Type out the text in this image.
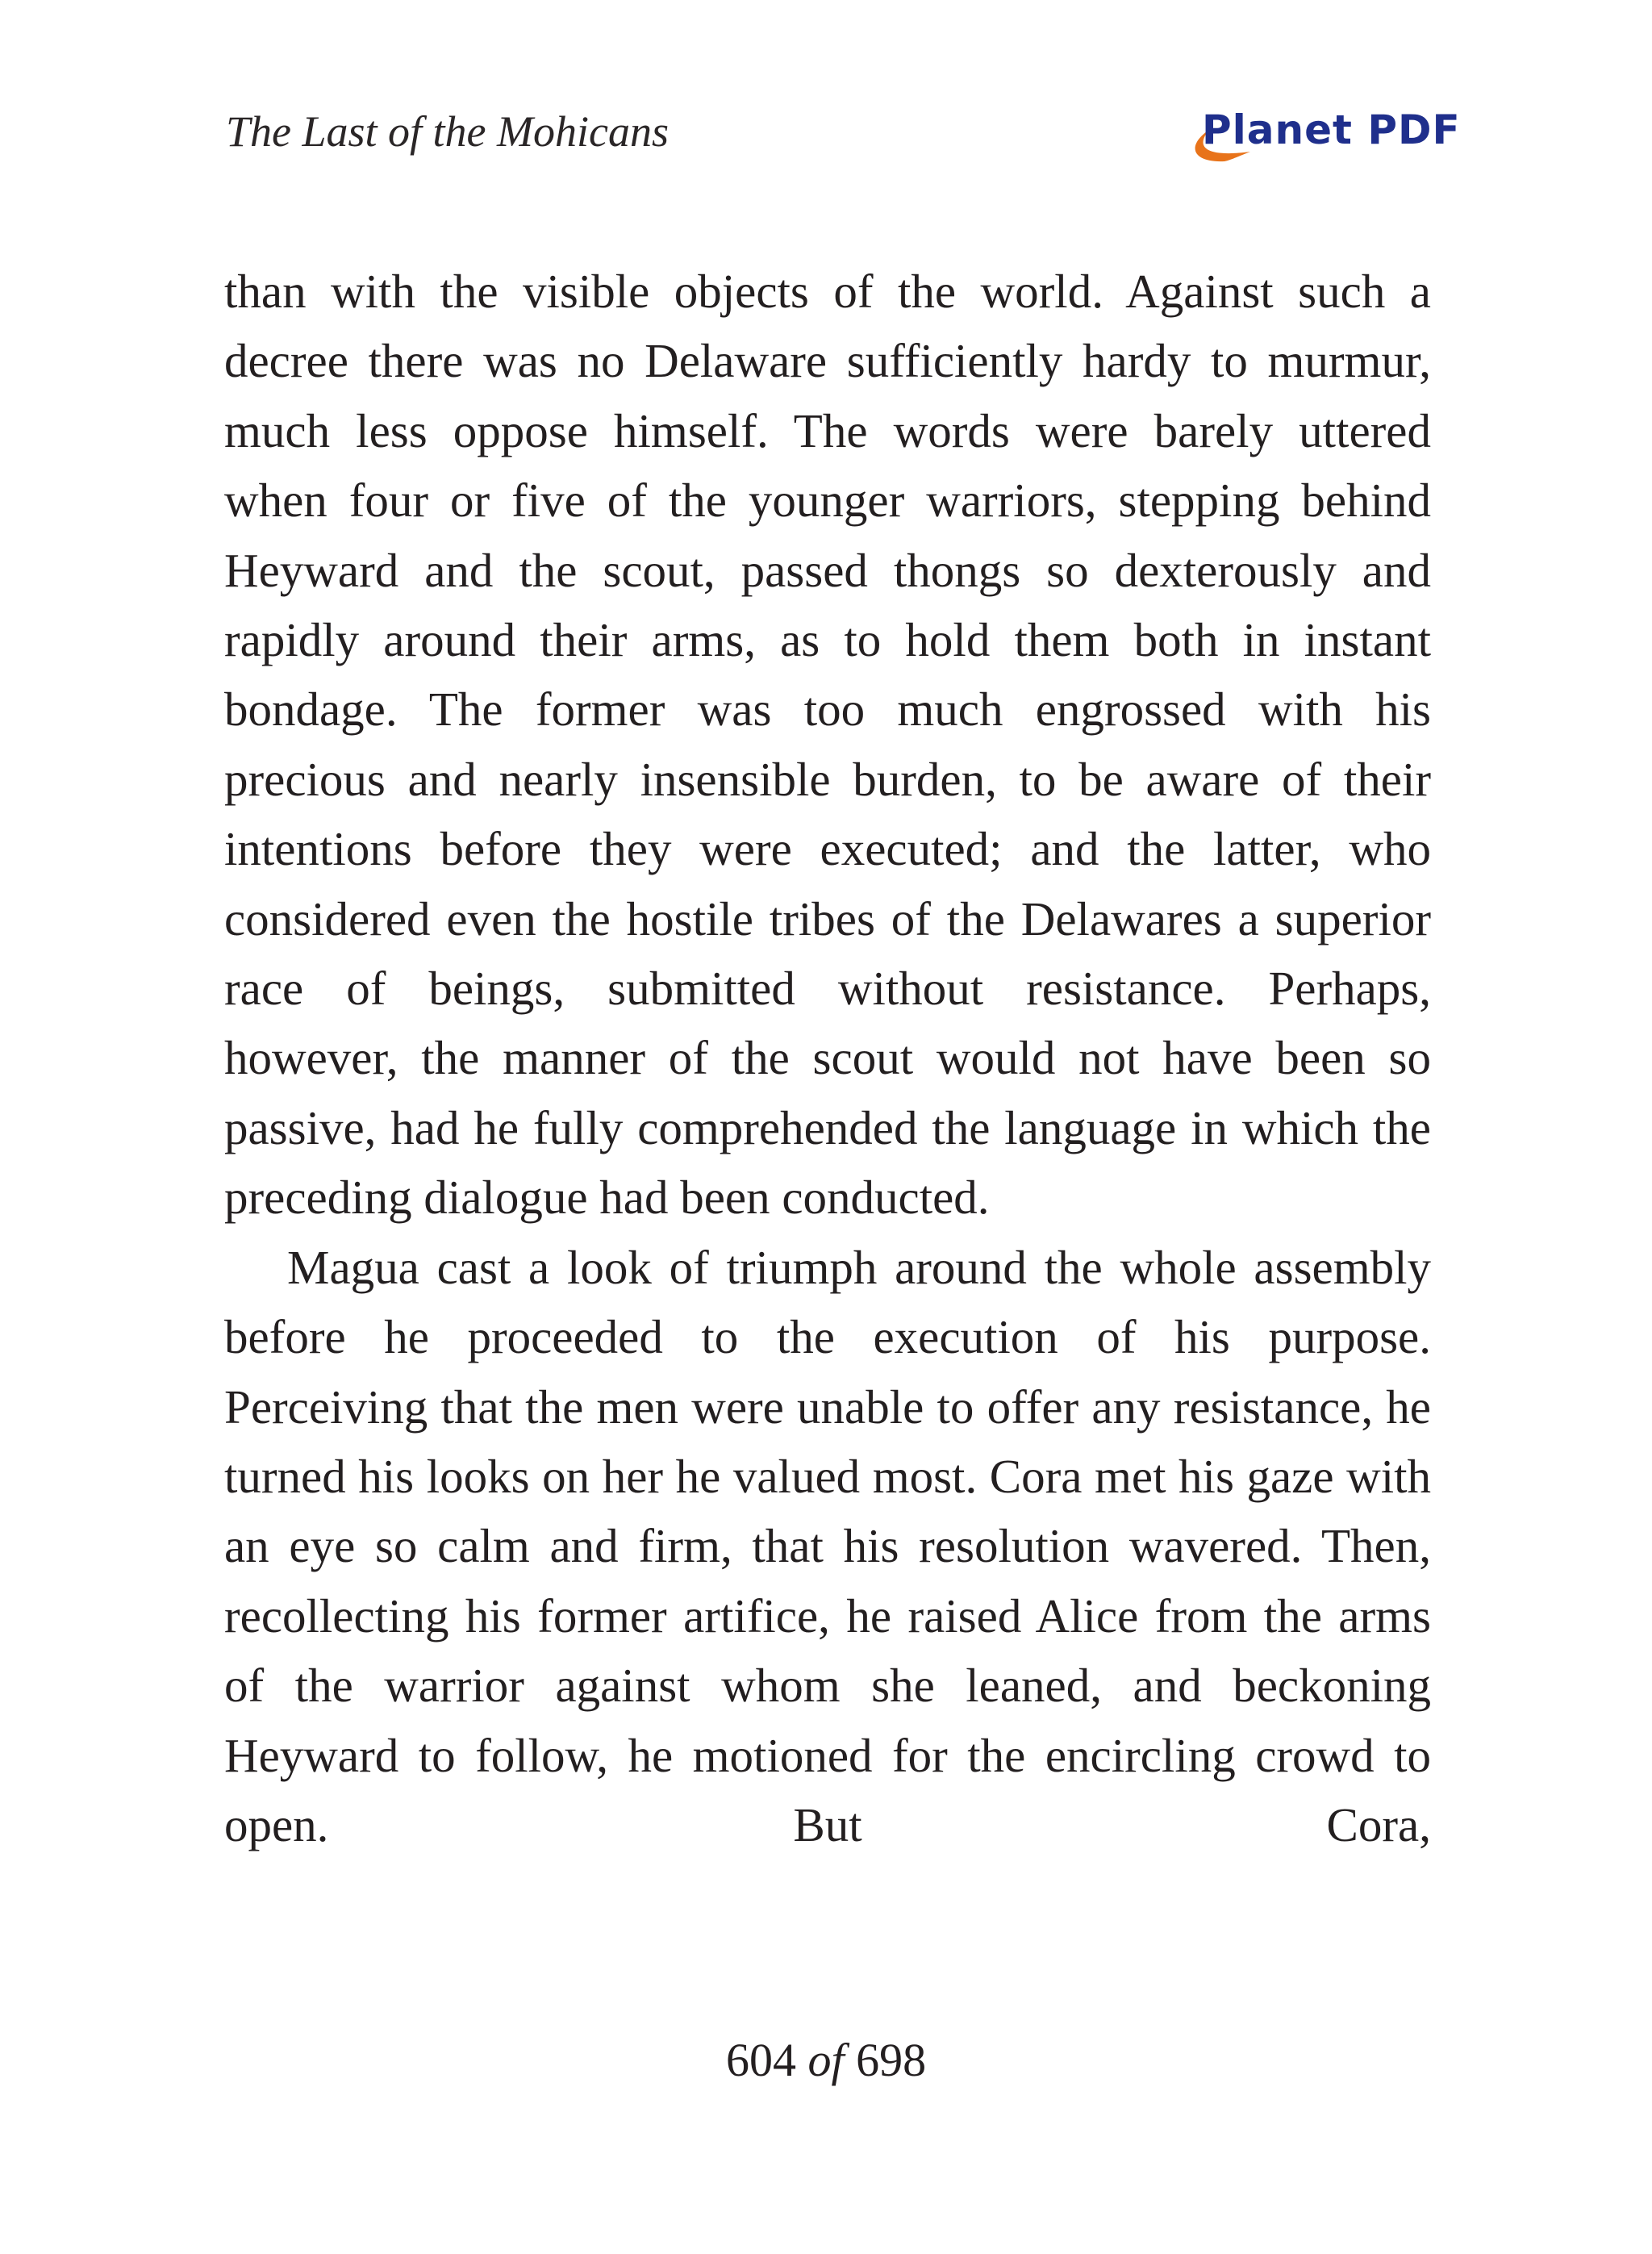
The Last of the Mohicans	Planet PDF

than with the visible objects of the world. Against such a decree there was no Delaware sufficiently hardy to murmur, much less oppose himself. The words were barely uttered when four or five of the younger warriors, stepping behind Heyward and the scout, passed thongs so dexterously and rapidly around their arms, as to hold them both in instant bondage. The former was too much engrossed with his precious and nearly insensible burden, to be aware of their intentions before they were executed; and the latter, who considered even the hostile tribes of the Delawares a superior race of beings, submitted without resistance. Perhaps, however, the manner of the scout would not have been so passive, had he fully comprehended the language in which the preceding dialogue had been conducted.

Magua cast a look of triumph around the whole assembly before he proceeded to the execution of his purpose. Perceiving that the men were unable to offer any resistance, he turned his looks on her he valued most. Cora met his gaze with an eye so calm and firm, that his resolution wavered. Then, recollecting his former artifice, he raised Alice from the arms of the warrior against whom she leaned, and beckoning Heyward to follow, he motioned for the encircling crowd to open. But Cora,

604 of 698
